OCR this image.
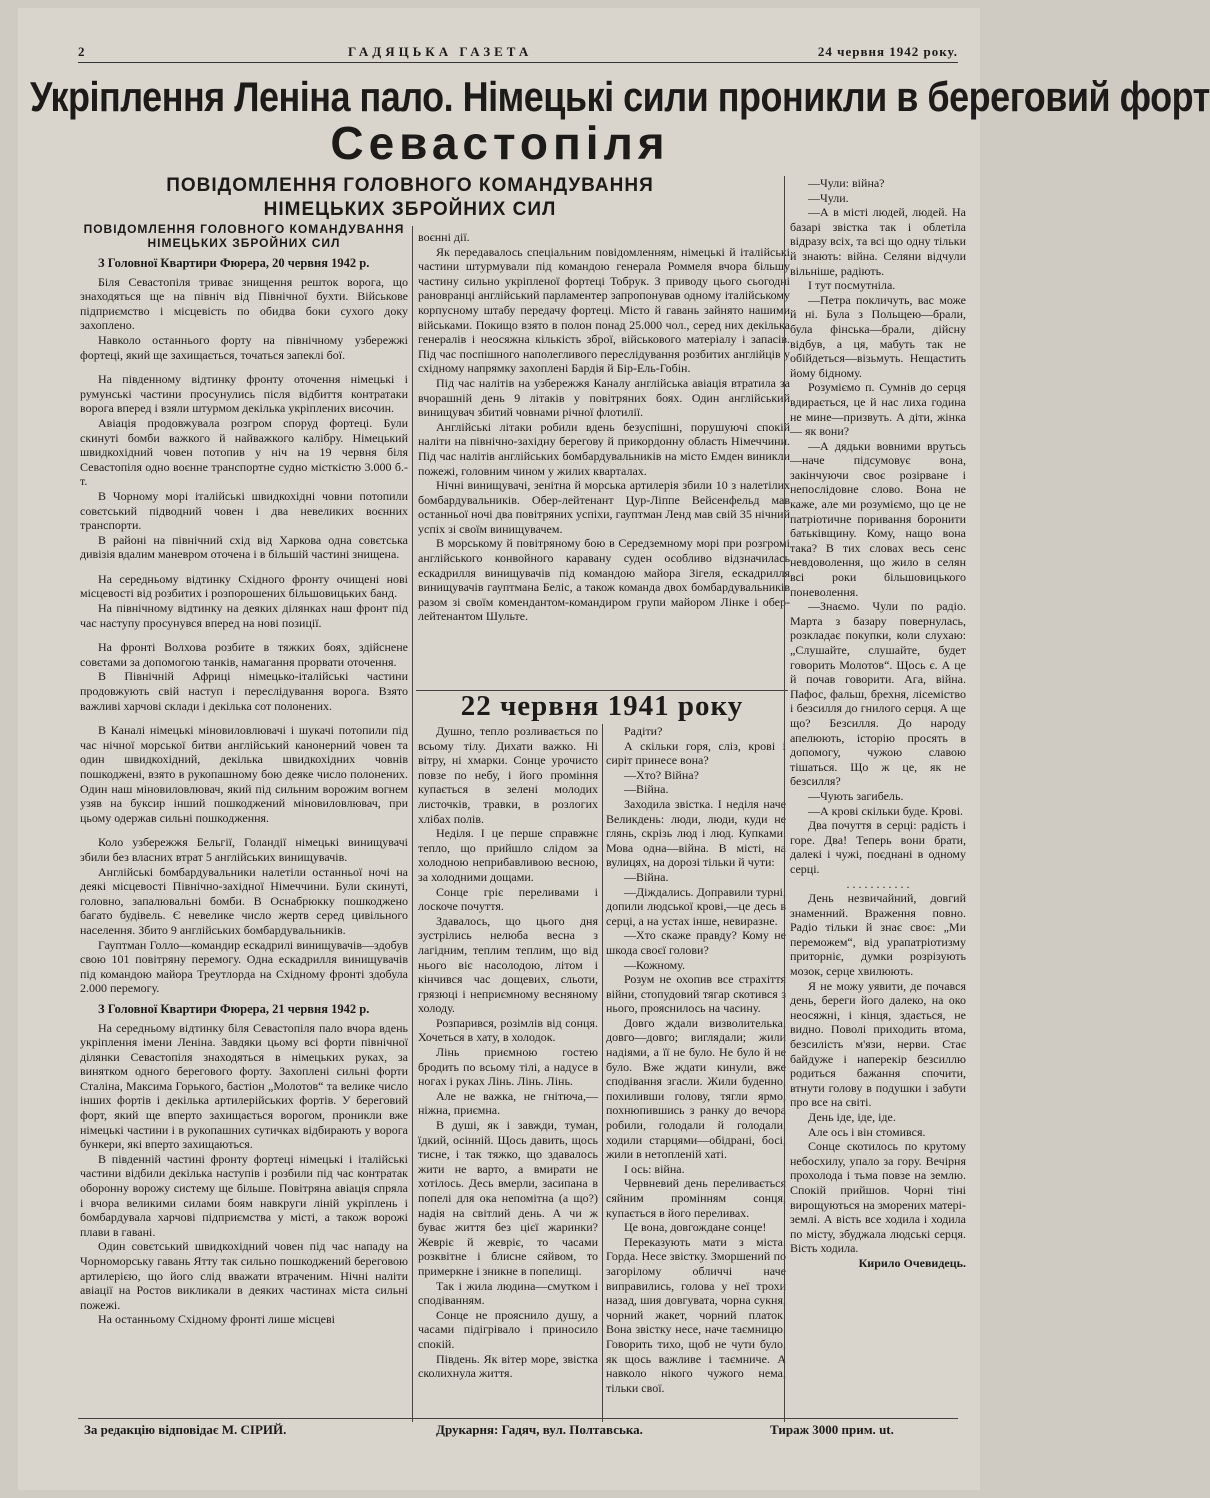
2	ГАДЯЦЬКА ГАЗЕТА	24 червня 1942 року.
Укріплення Леніна пало. Німецькі сили проникли в береговий форт
Севастопіля
ПОВІДОМЛЕННЯ ГОЛОВНОГО КОМАНДУВАННЯ НІМЕЦЬКИХ ЗБРОЙНИХ СИЛ

ПОВІДОМЛЕННЯ ГОЛОВНОГО КОМАНДУВАННЯ НІМЕЦЬКИХ ЗБРОЙНИХ СИЛ

З Головної Квартири Фюрера, 20 червня 1942 р.

Біля Севастопіля триває знищення решток ворога, що знаходяться ще на північ від Північної бухти. Військове підприємство і місцевість по обидва боки сухого доку захоплено.

Навколо останнього форту на північному узбережжі фортеці, який ще захищається, точаться запеклі бої.

На південному відтинку фронту оточення німецькі і румунські частини просунулись після відбиття контратаки ворога вперед і взяли штурмом декілька укріплених височин.

Авіація продовжувала розгром споруд фортеці. Були скинуті бомби важкого й найважкого калібру. Німецький швидкохідний човен потопив у ніч на 19 червня біля Севастопіля одно воєнне транспортне судно місткістю 3.000 б.-т.

В Чорному морі італійські швидкохідні човни потопили совєтський підводний човен і два невеликих воєнних транспорти.

В районі на північний схід від Харкова одна совєтська дивізія вдалим маневром оточена і в більшій частині знищена.

На середньому відтинку Східного фронту очищені нові місцевості від розбитих і розпорошених більшовицьких банд.

На північному відтинку на деяких ділянках наш фронт під час наступу просунувся вперед на нові позиції.

На фронті Волхова розбите в тяжких боях, здійснене совєтами за допомогою танків, намагання прорвати оточення.

В Північній Африці німецько-італійські частини продовжують свій наступ і переслідування ворога. Взято важливі харчові склади і декілька сот полонених.

В Каналі німецькі міновиловлювачі і шукачі потопили під час нічної морської битви англійський канонерний човен та один швидкохідний, декілька швидкохідних човнів пошкоджені, взято в рукопашному бою деяке число полонених. Один наш міновиловлювач, який під сильним ворожим вогнем узяв на буксир інший пошкоджений міновиловлювач, при цьому одержав сильні пошкодження.

Коло узбережжя Бельгії, Голандії німецькі винищувачі збили без власних втрат 5 англійських винищувачів.

Англійські бомбардувальники налетіли останньої ночі на деякі місцевості Північно-західної Німеччини. Були скинуті, головно, запалювальні бомби. В Оснабрюкку пошкоджено багато будівель. Є невелике число жертв серед цивільного населення. Збито 9 англійських бомбардувальників.

Гауптман Голло—командир ескадрилі винищувачів—здобув свою 101 повітряну перемогу. Одна ескадрилля винищувачів під командою майора Треутлорда на Східному фронті здобула 2.000 перемогу.

З Головної Квартири Фюрера, 21 червня 1942 р.

На середньому відтинку біля Севастопіля пало вчора вдень укріплення імени Леніна. Завдяки цьому всі форти північної ділянки Севастопіля знаходяться в німецьких руках, за винятком одного берегового форту. Захоплені сильні форти Сталіна, Максима Горького, бастіон „Молотов“ та велике число інших фортів і декілька артилерійських фортів. У береговий форт, який ще вперто захищається ворогом, проникли вже німецькі частини і в рукопашних сутичках відбирають у ворога бункери, які вперто захищаються.

В південній частині фронту фортеці німецькі і італійські частини відбили декілька наступів і розбили під час контратак оборонну ворожу систему ще більше. Повітряна авіація спряла і вчора великими силами боям навкруги ліній укріплень і бомбардувала харчові підприємства у місті, а також ворожі плави в гавані.

Один совєтський швидкохідний човен під час нападу на Чорноморську гавань Ятту так сильно пошкоджений береговою артилерією, що його слід вважати втраченим. Нічні наліти авіації на Ростов викликали в деяких частинах міста сильні пожежі.

На останньому Східному фронті лише місцеві

воєнні дії.

Як передавалось спеціальним повідомленням, німецькі й італійські частини штурмували під командою генерала Роммеля вчора більшу частину сильно укріпленої фортеці Тобрук. З приводу цього сьогодні рановранці англійський парламентер запропонував одному італійському корпусному штабу передачу фортеці. Місто й гавань зайнято нашими військами. Покищо взято в полон понад 25.000 чол., серед них декілька генералів і неосяжна кількість зброї, військового матеріалу і запасів. Під час поспішного наполегливого переслідування розбитих англійців у східному напрямку захоплені Бардія й Бір-Ель-Гобін.

Під час налітів на узбережжя Каналу англійська авіація втратила за вчорашній день 9 літаків у повітряних боях. Один англійський винищувач збитий човнами річної флотилії.

Англійські літаки робили вдень безуспішні, порушуючі спокій наліти на північно-західну берегову й прикордонну область Німеччини. Під час налітів англійських бомбардувальників на місто Емден виникли пожежі, головним чином у жилих кварталах.

Нічні винищувачі, зенітна й морська артилерія збили 10 з налетілих бомбардувальників. Обер-лейтенант Цур-Ліппе Вейсенфельд мав останньої ночі два повітряних успіхи, гауптман Ленд мав свій 35 нічний успіх зі своїм винищувачем.

В морському й повітряному бою в Середземному морі при розгромі англійського конвойного каравану суден особливо відзначилась ескадрилля винищувачів під командою майора Зігеля, ескадрилля винищувачів гауптмана Беліс, а також команда двох бомбардувальників разом зі своїм комендантом-командиром групи майором Лінке і обер-лейтенантом Шульте.

22 червня 1941 року

Душно, тепло розливається по всьому тілу. Дихати важко. Ні вітру, ні хмарки. Сонце урочисто повзе по небу, і його проміння купається в зелені молодих листочків, травки, в розлогих хлібах полів.

Неділя. І це перше справжнє тепло, що прийшло слідом за холодною неприбавливою весною, за холодними дощами.

Сонце гріє переливами і лоскоче почуття.

Здавалось, що цього дня зустрілись нелюба весна з лагідним, теплим теплим, що від нього віє насолодою, літом і кінчився час дощевих, сльоти, грязюці і неприємному весняному холоду.

Розпарився, розімлів від сонця. Хочеться в хату, в холодок.

Лінь приємною гостею бродить по всьому тілі, а надусе в ногах і руках Лінь. Лінь. Лінь.

Але не важка, не гнітюча,—ніжна, приємна.

В душі, як і завжди, туман, їдкий, осінній. Щось давить, щось тисне, і так тяжко, що здавалось жити не варто, а вмирати не хотілось. Десь вмерли, засипана в попелі для ока непомітна (а що?) надія на світлий день. А чи ж буває життя без цієї жаринки? Жевріє й жевріє, то часами розквітне і блисне сяйвом, то примеркне і зникне в попелищі.

Так і жила людина—смутком і сподіванням.

Сонце не прояснило душу, а часами підігрівало і приносило спокій.

Південь. Як вітер море, звістка сколихнула життя.

Радіти?

А скільки горя, сліз, крові і сиріт принесе вона?

—Хто? Війна?

—Війна.

Заходила звістка. І неділя наче Великдень: люди, люди, куди не глянь, скрізь люд і люд. Купками. Мова одна—війна. В місті, на вулицях, на дорозі тільки й чути:

—Війна.

—Діждались. Доправили турні, допили людської крові,—це десь в серці, а на устах інше, невиразне.

—Хто скаже правду? Кому не шкода своєї голови?

—Кожному.

Розум не охопив все страхіття війни, стопудовий тягар скотився з нього, прояснилось на часину.

Довго ждали визволителька, довго—довго; виглядали; жили надіями, а її не було. Не було й не було. Вже ждати кинули, вже сподівання згасли. Жили буденно, похиливши голову, тягли ярмо, похнюпившись з ранку до вечора робили, голодали й голодали, ходили старцями—обідрані, босі, жили в нетопленій хаті.

І ось: війна.

Червневий день переливається сяйним промінням сонця, купається в його переливах.

Це вона, довгождане сонце!

Переказують мати з міста. Горда. Несе звістку. Зморшений по загорілому обличчі наче виправились, голова у неї трохи назад, шия довгувата, чорна сукня, чорний жакет, чорний платок. Вона звістку несе, наче таємницю. Говорить тихо, щоб не чути було, як щось важливе і таємниче. А навколо нікого чужого нема, тільки свої.

—Чули: війна?

—Чули.

—А в місті людей, людей. На базарі звістка так і облетіла відразу всіх, та всі що одну тільки й знають: війна. Селяни відчули вільніше, радіють.

І тут посмутніла.

—Петра покличуть, вас може й ні. Була з Польщею—брали, була фінська—брали, дійсну відбув, а ця, мабуть так не обійдеться—візьмуть. Нещастить йому бідному.

Розуміємо п. Сумнів до серця вдирається, це й нас лиха година не мине—призвуть. А діти, жінка — як вони?

—А дядьки вовними врутьсь—наче підсумовує вона, закінчуючи своє розірване і непослідовне слово. Вона не каже, але ми розуміємо, що це не патріотичне поривання боронити батьківщину. Кому, нащо вона така? В тих словах весь сенс невдоволення, що жило в селян всі роки більшовицького поневолення.

—Знаємо. Чули по радіо. Марта з базару повернулась, розкладає покупки, коли слухаю: „Слушайте, слушайте, будет говорить Молотов“. Щось є. А це й почав говорити. Ага, війна. Пафос, фальш, брехня, лісеміство і безсилля до гнилого серця. А ще що? Безсилля. До народу апелюють, історію просять в допомогу, чужою славою тішаться. Що ж це, як не безсилля?

—Чують загибель.

—А крові скільки буде. Крові.

Два почуття в серці: радість і горе. Два! Теперь вони брати, далекі і чужі, поєднані в одному серці.

. . . . . . . . . . .

День незвичайний, довгий знаменний. Враження повно. Радіо тільки й знає своє: „Ми переможем“, від урапатріотизму приторніє, думки розрізують мозок, серце хвилюють.

Я не можу уявити, де почався день, береги його далеко, на око неосяжні, і кінця, здається, не видно. Поволі приходить втома, безсилість м'язи, нерви. Стає байдуже і наперекір безсиллю родиться бажання спочити, втнути голову в подушки і забути про все на світі.

День іде, іде, іде.

Але ось і він стомився.

Сонце скотилось по крутому небосхилу, упало за гору. Вечірня прохолода і тьма повзе на землю. Спокій прийшов. Чорні тіні вирощуються на зморених матері-землі. А вість все ходила і ходила по місту, збуджала людські серця. Вість ходила.

Кирило Очевидець.

За редакцію відповідає М. СІРИЙ.	Друкарня: Гадяч, вул. Полтавська.	Тираж 3000 прим. ut.
